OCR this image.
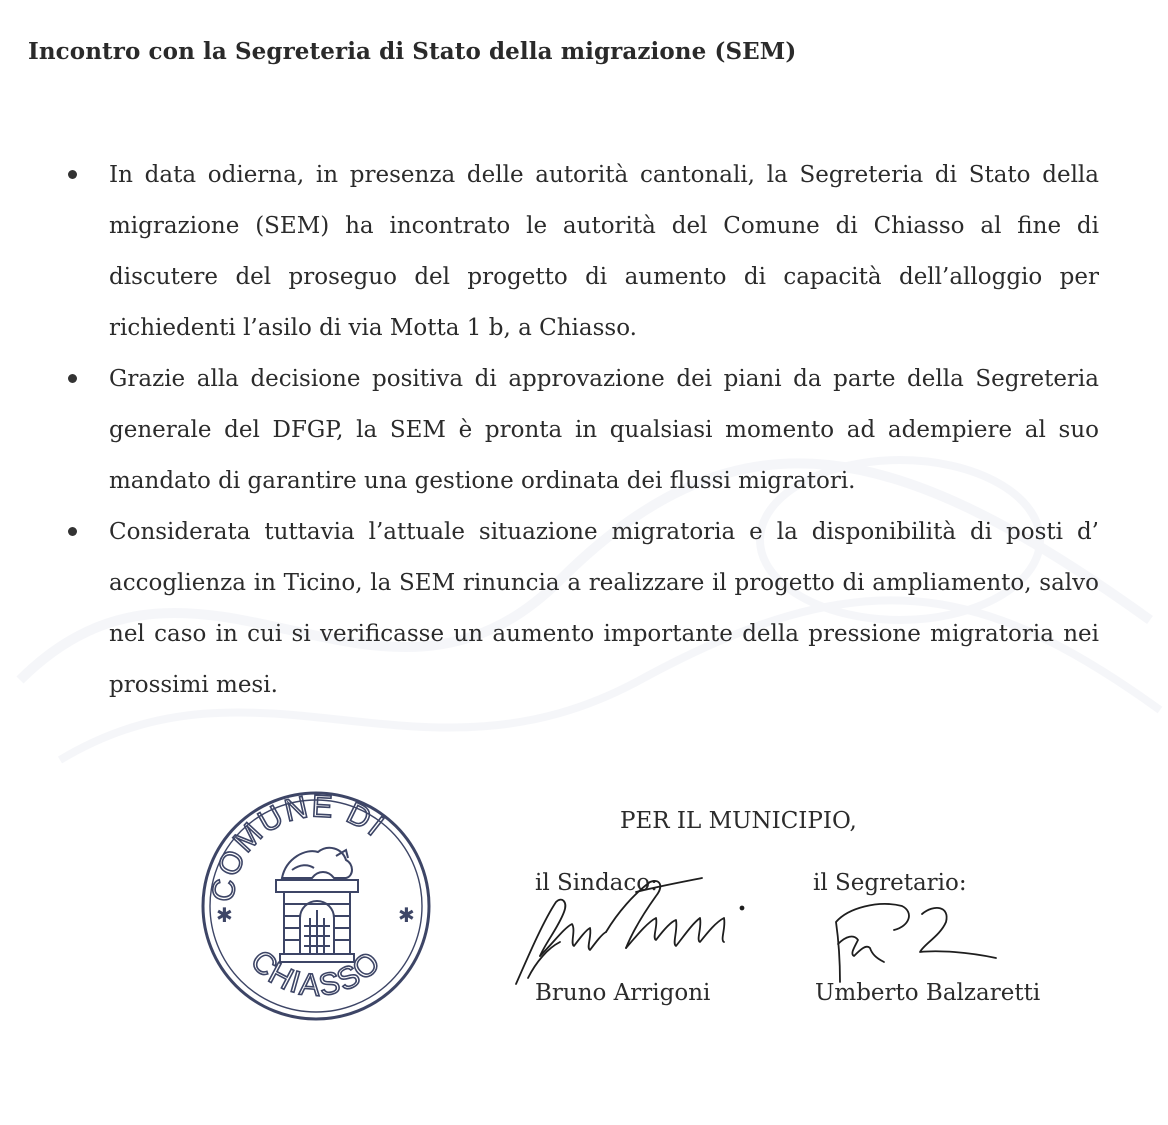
Incontro con la Segreteria di Stato della migrazione (SEM)
In data odierna, in presenza delle autorità cantonali, la Segreteria di Stato della migrazione (SEM) ha incontrato le autorità del Comune di Chiasso al fine di discutere del proseguo del progetto di aumento di capacità dell’alloggio per richiedenti l’asilo di via Motta 1 b, a Chiasso.
Grazie alla decisione positiva di approvazione dei piani da parte della Segreteria generale del DFGP, la SEM è pronta in qualsiasi momento ad adempiere al suo mandato di garantire una gestione ordinata dei flussi migratori.
Considerata tuttavia l’attuale situazione migratoria e la disponibilità di posti d’ accoglienza in Ticino, la SEM rinuncia a realizzare il progetto di ampliamento, salvo nel caso in cui si verificasse un aumento importante della pressione migratoria nei prossimi mesi.
COMUNE DI
CHIASSO
✱	✱
PER IL MUNICIPIO,
il Sindaco:	il Segretario:
Bruno Arrigoni	Umberto Balzaretti
